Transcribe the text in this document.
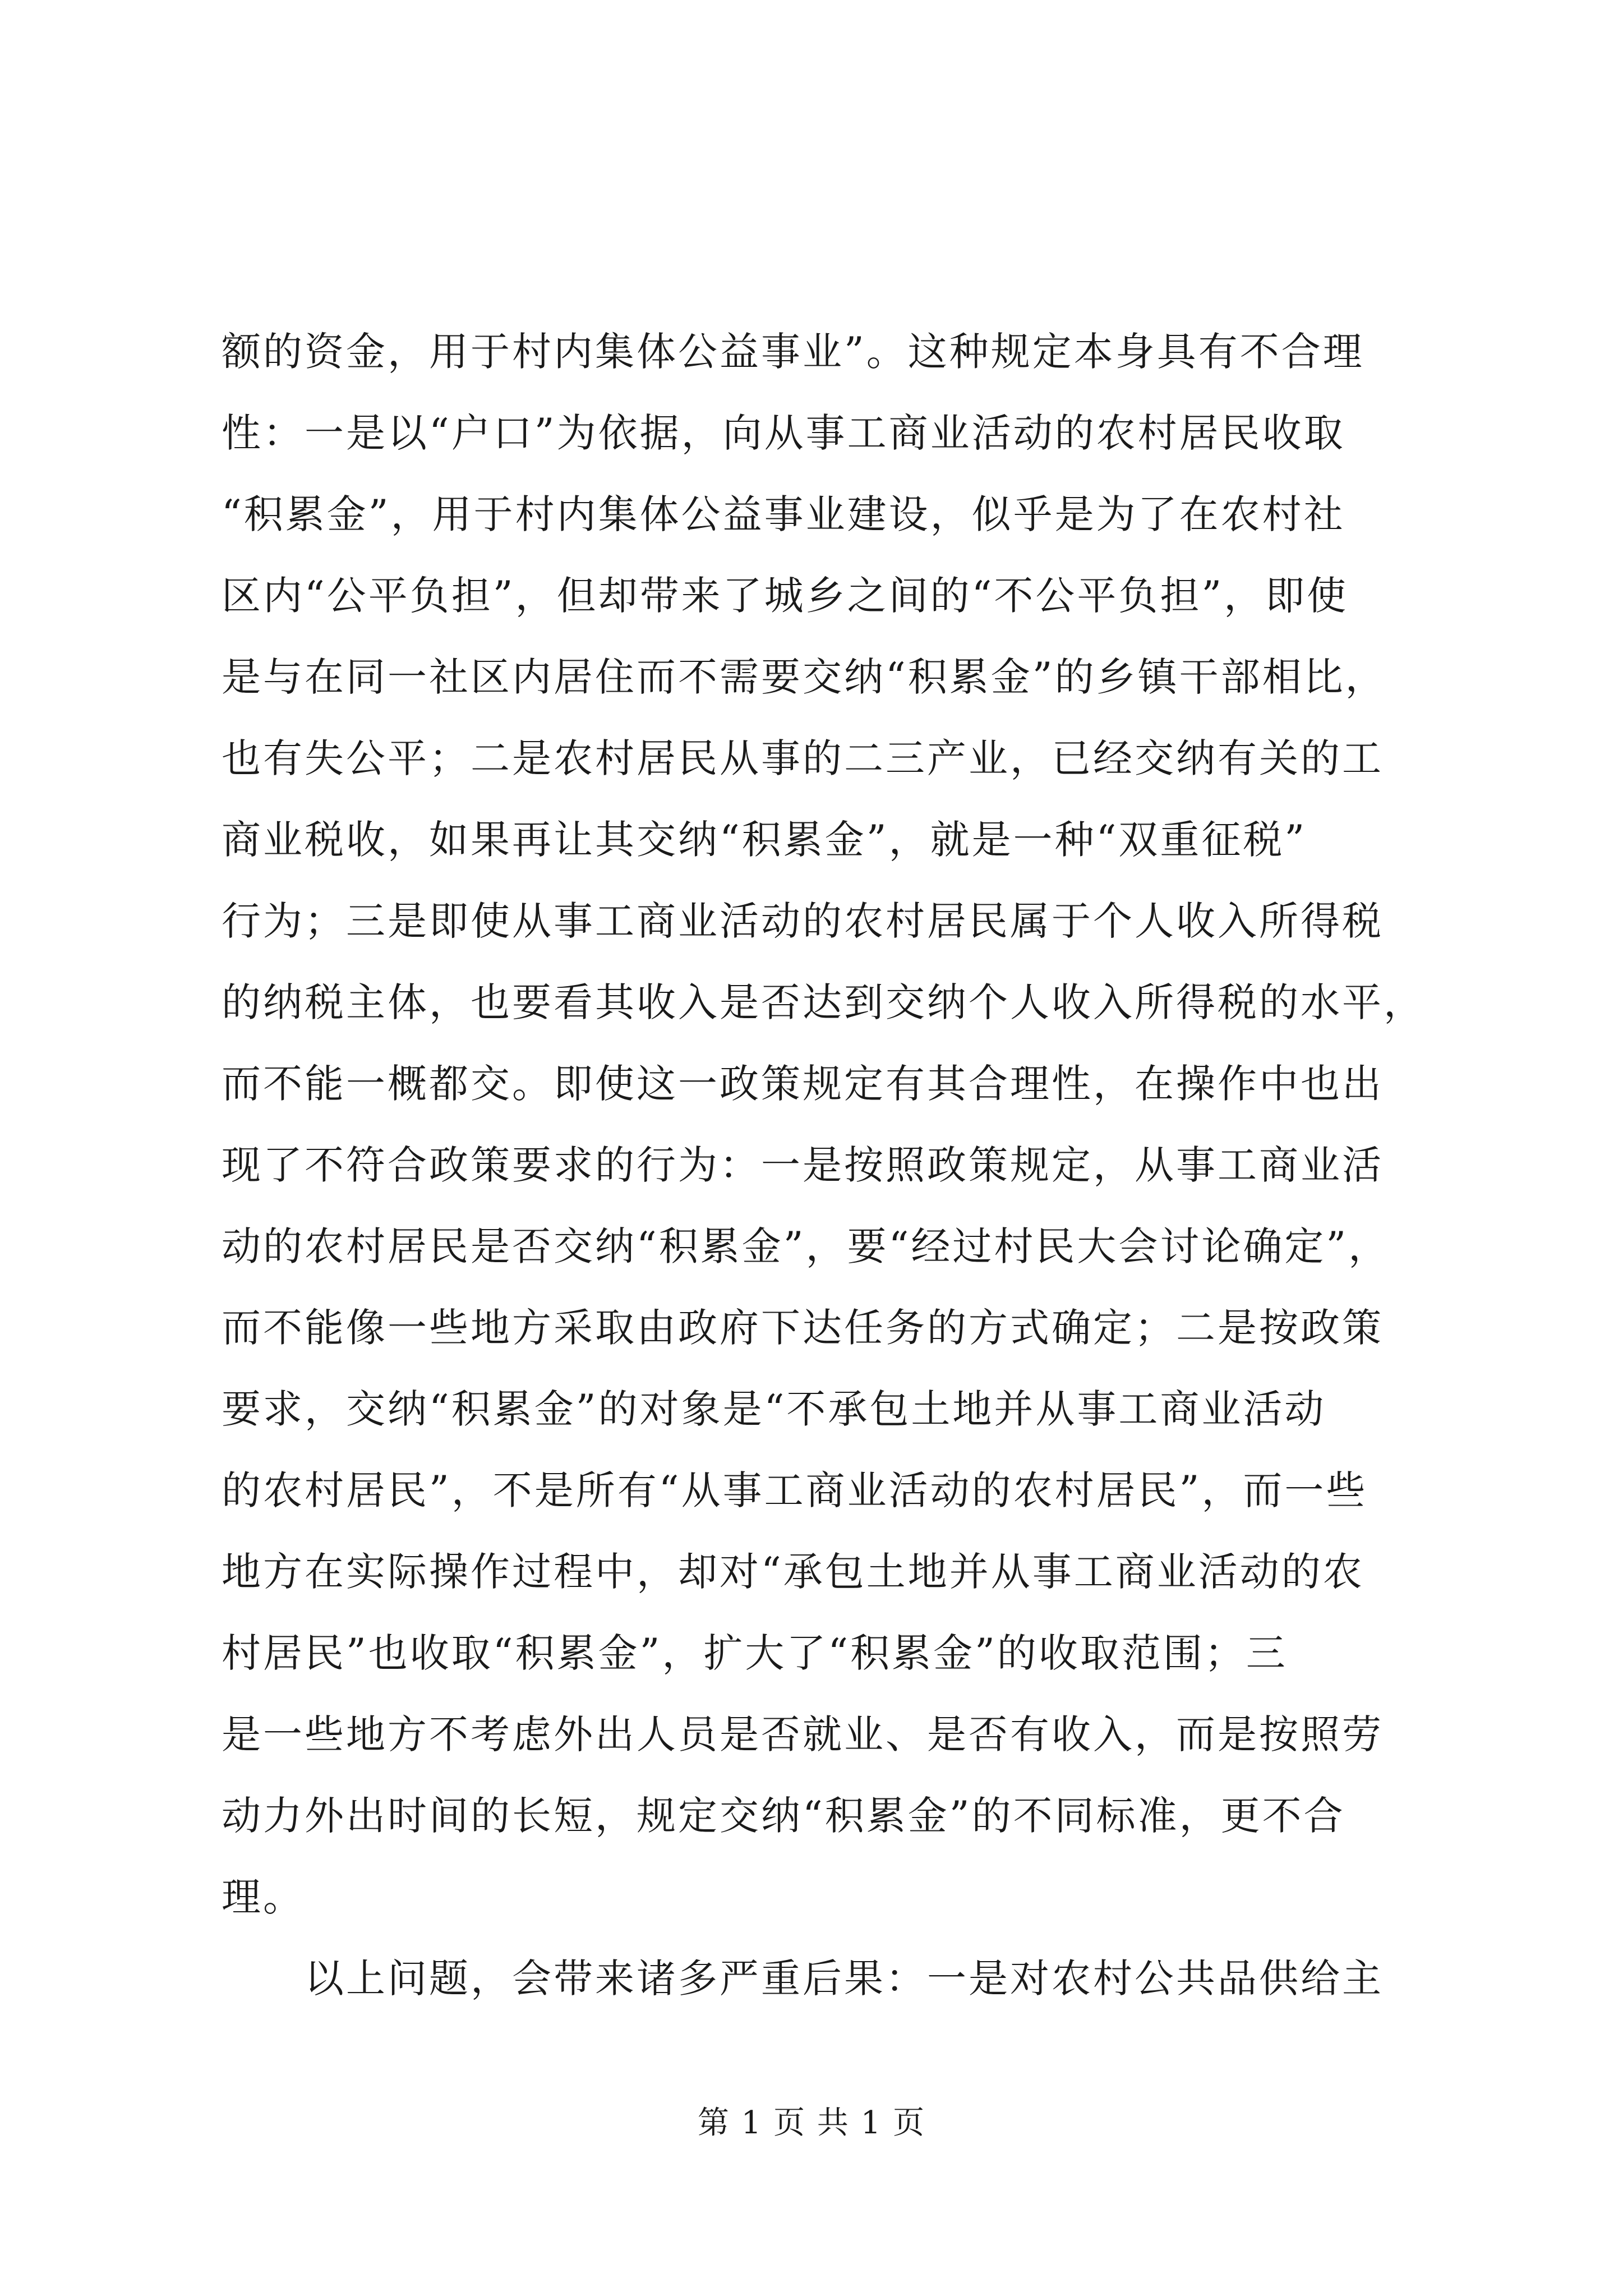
额的资金，用于村内集体公益事业”。这种规定本身具有不合理
性：一是以“户口”为依据，向从事工商业活动的农村居民收取
“积累金”，用于村内集体公益事业建设，似乎是为了在农村社
区内“公平负担”，但却带来了城乡之间的“不公平负担”，即使
是与在同一社区内居住而不需要交纳“积累金”的乡镇干部相比，
也有失公平；二是农村居民从事的二三产业，已经交纳有关的工
商业税收，如果再让其交纳“积累金”，就是一种“双重征税”
行为；三是即使从事工商业活动的农村居民属于个人收入所得税
的纳税主体，也要看其收入是否达到交纳个人收入所得税的水平，
而不能一概都交。即使这一政策规定有其合理性，在操作中也出
现了不符合政策要求的行为：一是按照政策规定，从事工商业活
动的农村居民是否交纳“积累金”，要“经过村民大会讨论确定”，
而不能像一些地方采取由政府下达任务的方式确定；二是按政策
要求，交纳“积累金”的对象是“不承包土地并从事工商业活动
的农村居民”，不是所有“从事工商业活动的农村居民”，而一些
地方在实际操作过程中，却对“承包土地并从事工商业活动的农
村居民”也收取“积累金”，扩大了“积累金”的收取范围；三
是一些地方不考虑外出人员是否就业、是否有收入，而是按照劳
动力外出时间的长短，规定交纳“积累金”的不同标准，更不合
理。
以上问题，会带来诸多严重后果：一是对农村公共品供给主
第 1 页 共 1 页
